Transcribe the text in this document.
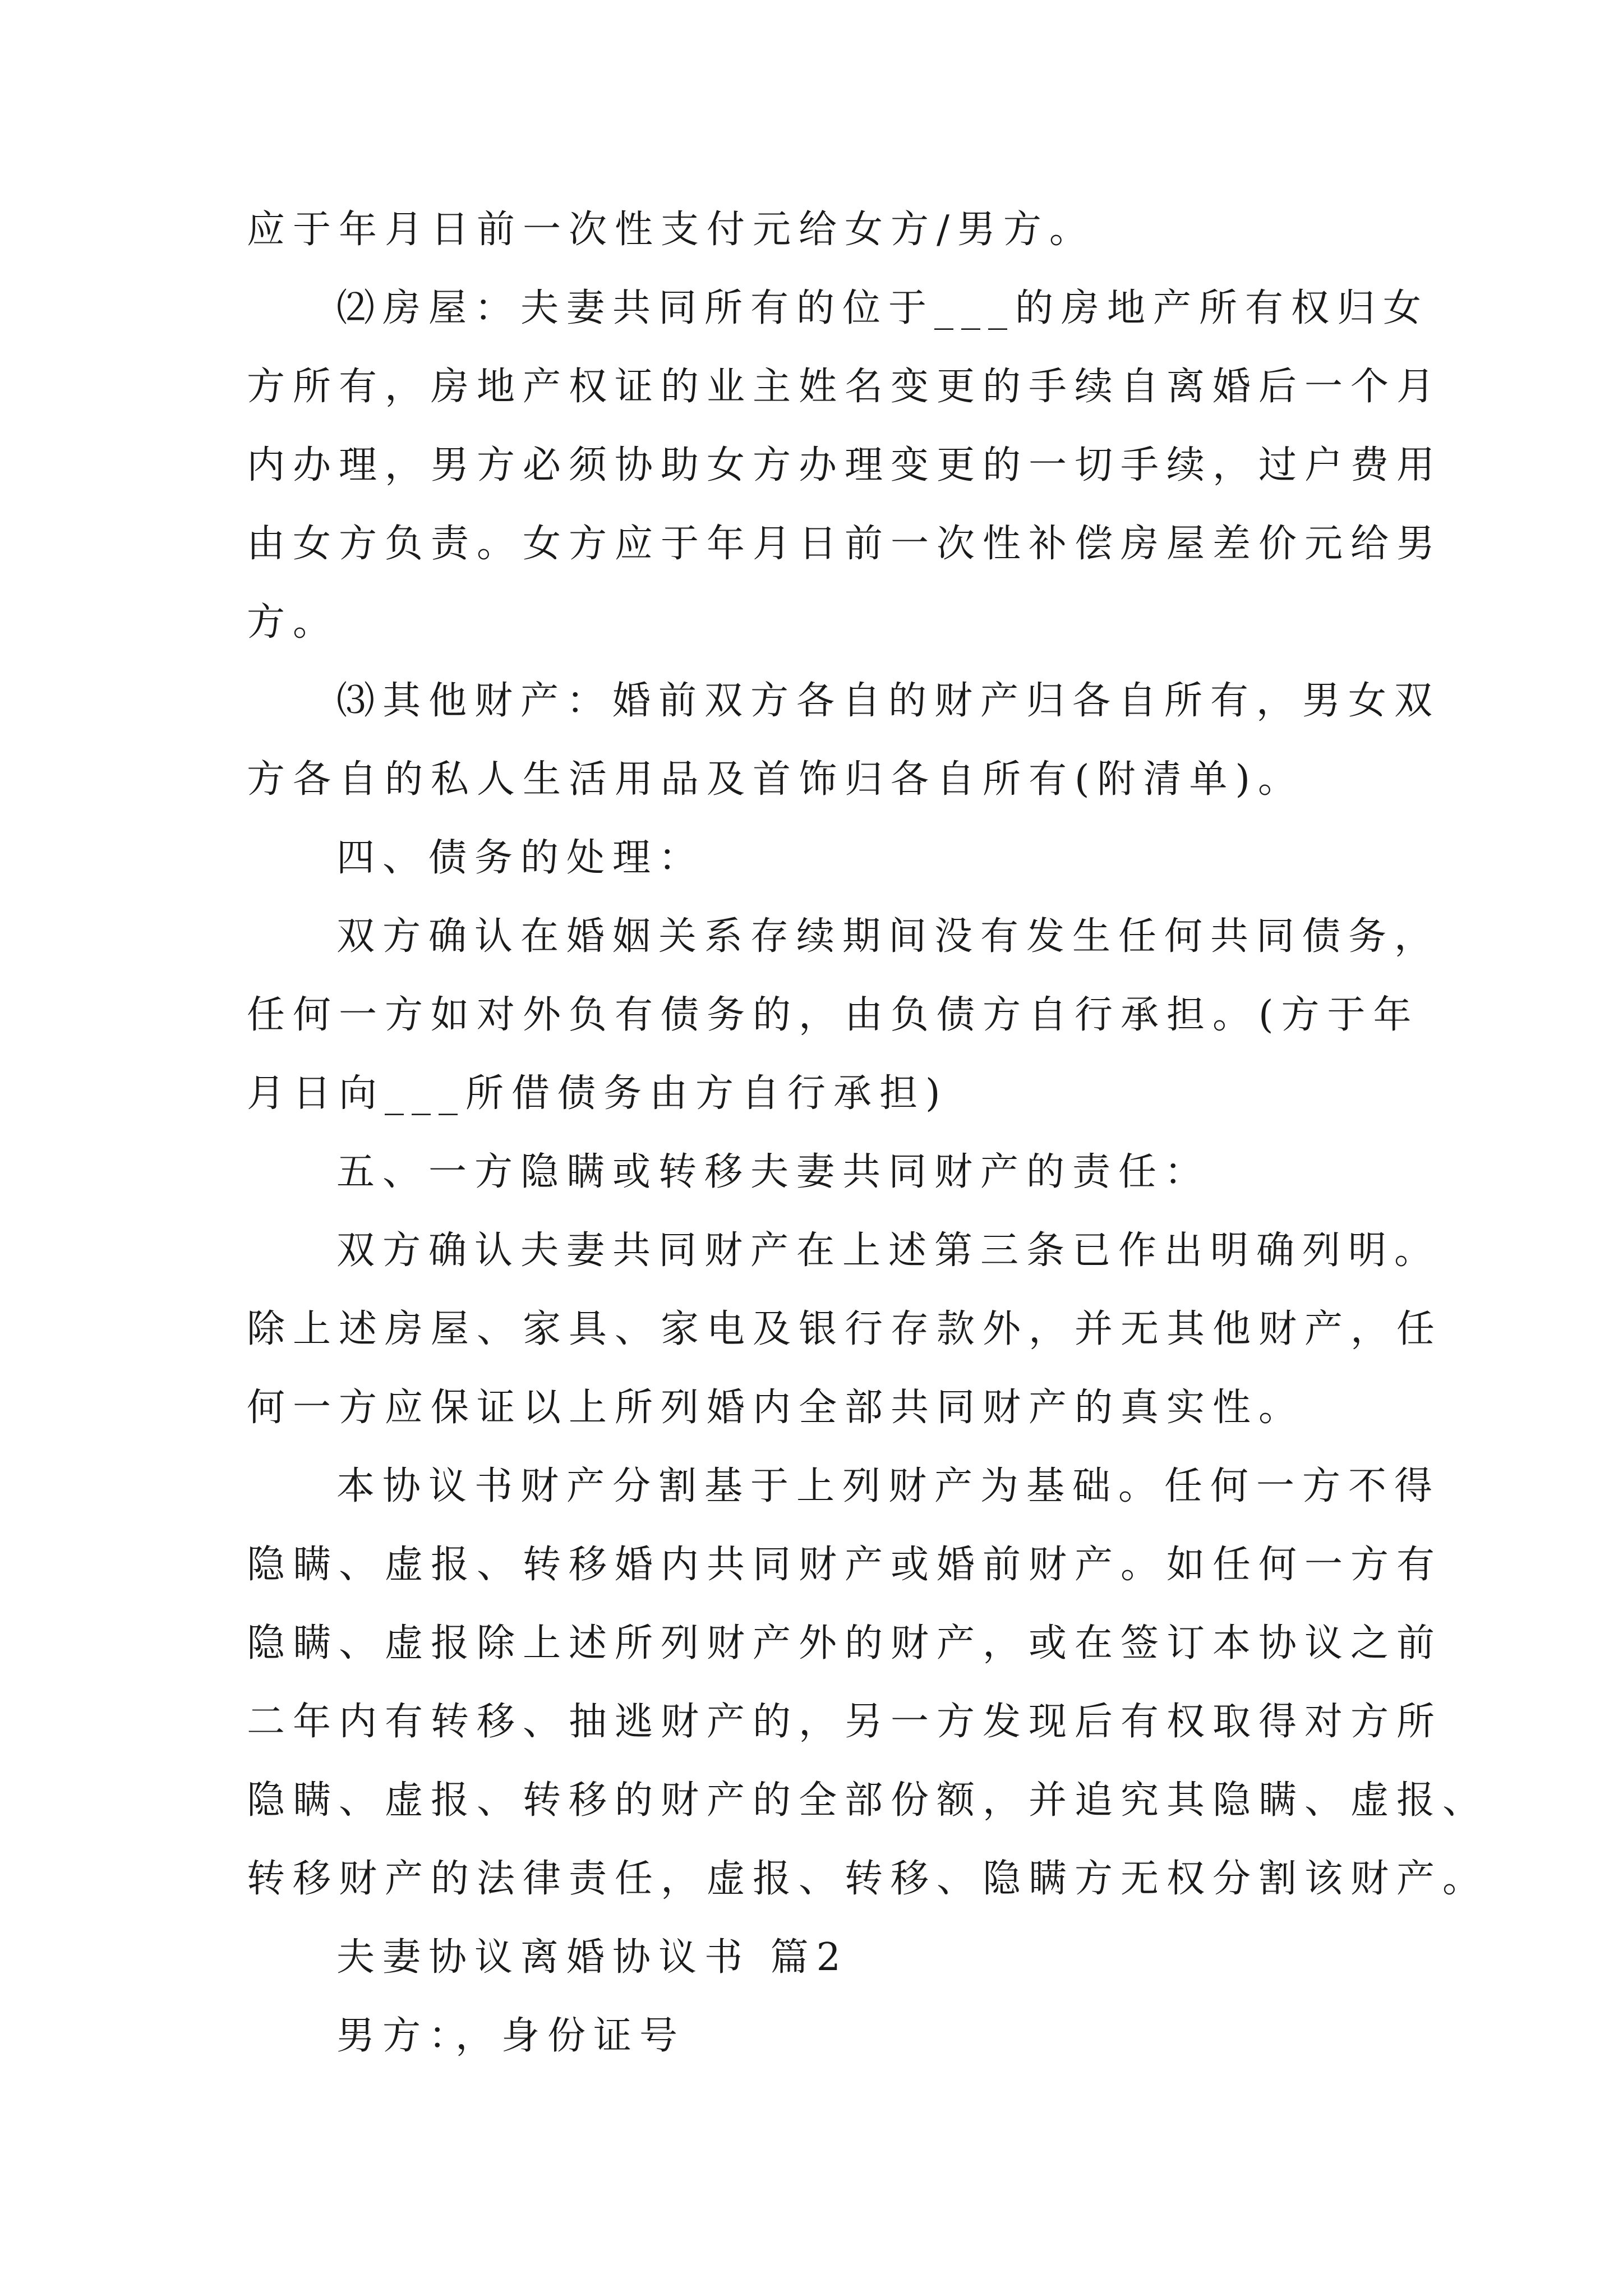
应于年月日前一次性支付元给女方/男方。
⑵房屋：夫妻共同所有的位于___的房地产所有权归女
方所有，房地产权证的业主姓名变更的手续自离婚后一个月
内办理，男方必须协助女方办理变更的一切手续，过户费用
由女方负责。女方应于年月日前一次性补偿房屋差价元给男
方。
⑶其他财产：婚前双方各自的财产归各自所有，男女双
方各自的私人生活用品及首饰归各自所有(附清单)。
四、债务的处理：
双方确认在婚姻关系存续期间没有发生任何共同债务，
任何一方如对外负有债务的，由负债方自行承担。(方于年
月日向___所借债务由方自行承担)
五、一方隐瞒或转移夫妻共同财产的责任：
双方确认夫妻共同财产在上述第三条已作出明确列明。
除上述房屋、家具、家电及银行存款外，并无其他财产，任
何一方应保证以上所列婚内全部共同财产的真实性。
本协议书财产分割基于上列财产为基础。任何一方不得
隐瞒、虚报、转移婚内共同财产或婚前财产。如任何一方有
隐瞒、虚报除上述所列财产外的财产，或在签订本协议之前
二年内有转移、抽逃财产的，另一方发现后有权取得对方所
隐瞒、虚报、转移的财产的全部份额，并追究其隐瞒、虚报、
转移财产的法律责任，虚报、转移、隐瞒方无权分割该财产。
夫妻协议离婚协议书 篇2
男方：，身份证号
